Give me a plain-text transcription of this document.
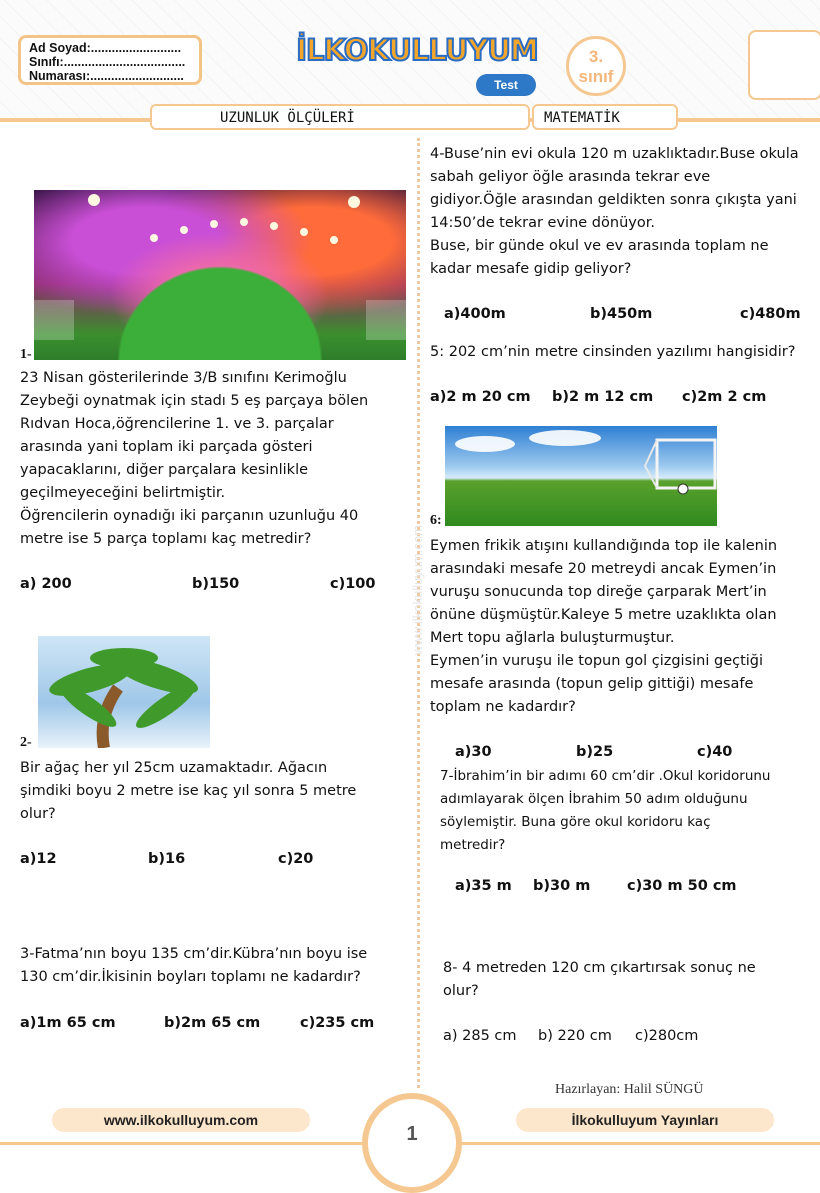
Ad Soyad:..........................
Sınıfı:...................................
Numarası:...........................
İLKOKULLUYUM
Test
3.
sınıf
UZUNLUK ÖLÇÜLERİ	MATEMATİK
www.ilkokulluyum.com
1-
23 Nisan gösterilerinde 3/B sınıfını Kerimoğlu
Zeybeği oynatmak için stadı 5 eş parçaya bölen
Rıdvan Hoca,öğrencilerine 1. ve 3. parçalar
arasında yani toplam iki parçada gösteri
yapacaklarını, diğer parçalara kesinlikle
geçilmeyeceğini belirtmiştir.
Öğrencilerin oynadığı iki parçanın uzunluğu 40
metre ise 5 parça toplamı kaç metredir?
a) 200	b)150	c)100
2-
Bir ağaç her yıl 25cm uzamaktadır. Ağacın
şimdiki boyu 2 metre ise kaç yıl sonra 5 metre
olur?
a)12	b)16	c)20
3-Fatma’nın boyu 135 cm’dir.Kübra’nın boyu ise
130 cm’dir.İkisinin boyları toplamı ne kadardır?
a)1m 65 cm	b)2m 65 cm	c)235 cm
4-Buse’nin evi okula 120 m uzaklıktadır.Buse okula
sabah geliyor öğle arasında tekrar eve
gidiyor.Öğle arasından geldikten sonra çıkışta yani
14:50’de tekrar evine dönüyor.
Buse, bir günde okul ve ev arasında toplam ne
kadar mesafe gidip geliyor?
a)400m	b)450m	c)480m
5: 202 cm’nin metre cinsinden yazılımı hangisidir?
a)2 m 20 cm b)2 m 12 cm c)2m 2 cm
6:
Eymen frikik atışını kullandığında top ile kalenin
arasındaki mesafe 20 metreydi ancak Eymen’in
vuruşu sonucunda top direğe çarparak Mert’in
önüne düşmüştür.Kaleye 5 metre uzaklıkta olan
Mert topu ağlarla buluşturmuştur.
Eymen’in vuruşu ile topun gol çizgisini geçtiği
mesafe arasında (topun gelip gittiği) mesafe
toplam ne kadardır?
a)30	b)25	c)40
7-İbrahim’in bir adımı 60 cm’dir .Okul koridorunu
adımlayarak ölçen İbrahim 50 adım olduğunu
söylemiştir. Buna göre okul koridoru kaç
metredir?
a)35 m b)30 m	c)30 m 50 cm
8- 4 metreden 120 cm çıkartırsak sonuç ne
olur?
a) 285 cm b) 220 cm c)280cm
Hazırlayan: Halil SÜNGÜ
www.ilkokulluyum.com	İlkokulluyum Yayınları
1
